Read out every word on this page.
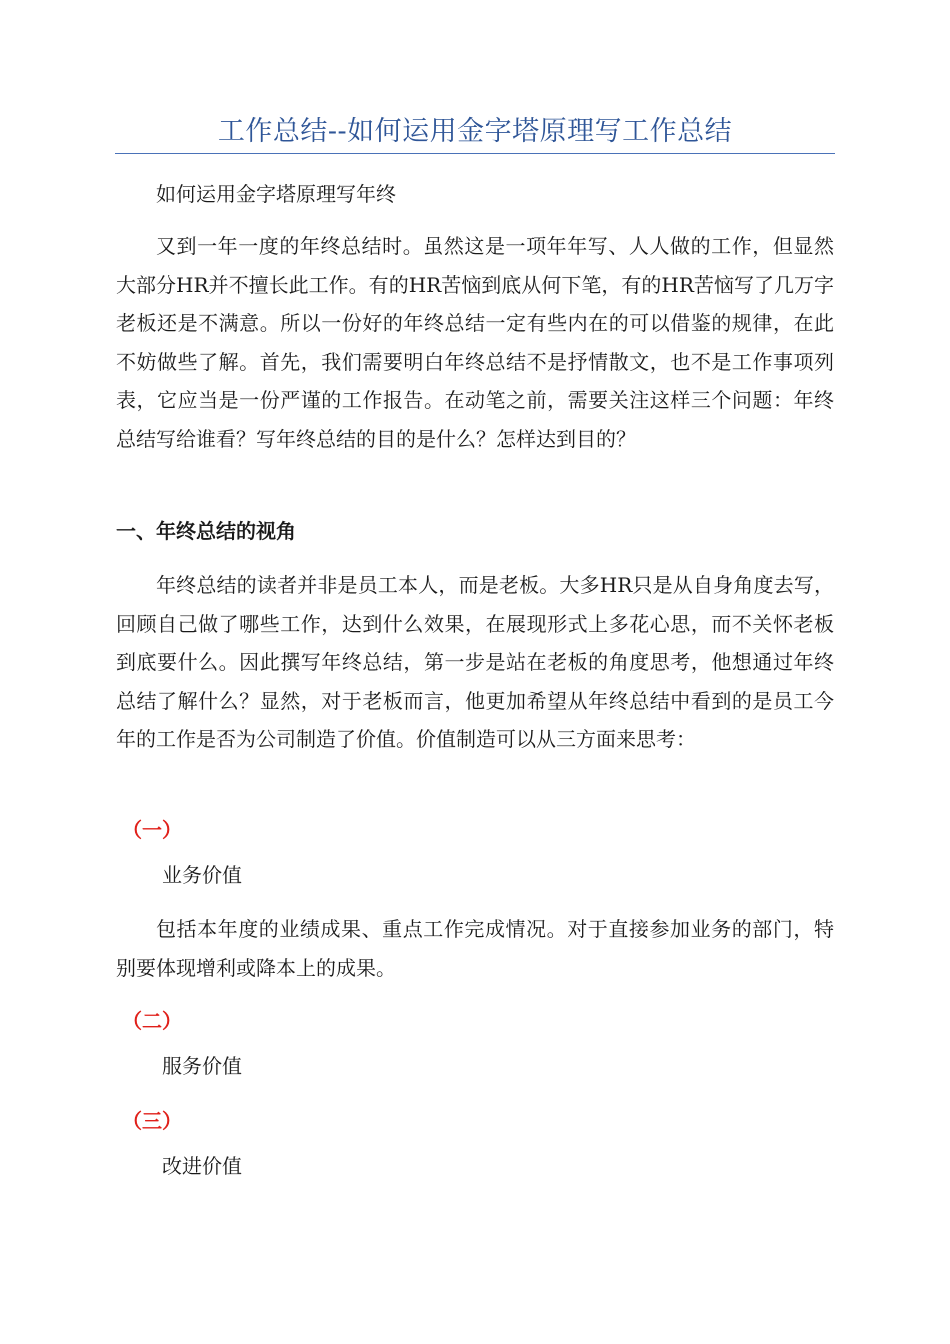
工作总结--如何运用金字塔原理写工作总结

如何运用金字塔原理写年终

又到一年一度的年终总结时。虽然这是一项年年写、人人做的工作，但显然大部分HR并不擅长此工作。有的HR苦恼到底从何下笔，有的HR苦恼写了几万字老板还是不满意。所以一份好的年终总结一定有些内在的可以借鉴的规律，在此不妨做些了解。首先，我们需要明白年终总结不是抒情散文，也不是工作事项列表，它应当是一份严谨的工作报告。在动笔之前，需要关注这样三个问题：年终总结写给谁看？写年终总结的目的是什么？怎样达到目的？

一、年终总结的视角

年终总结的读者并非是员工本人，而是老板。大多HR只是从自身角度去写，回顾自己做了哪些工作，达到什么效果，在展现形式上多花心思，而不关怀老板到底要什么。因此撰写年终总结，第一步是站在老板的角度思考，他想通过年终总结了解什么？显然，对于老板而言，他更加希望从年终总结中看到的是员工今年的工作是否为公司制造了价值。价值制造可以从三方面来思考：

（一）
业务价值

包括本年度的业绩成果、重点工作完成情况。对于直接参加业务的部门，特别要体现增利或降本上的成果。

（二）
服务价值
（三）
改进价值
